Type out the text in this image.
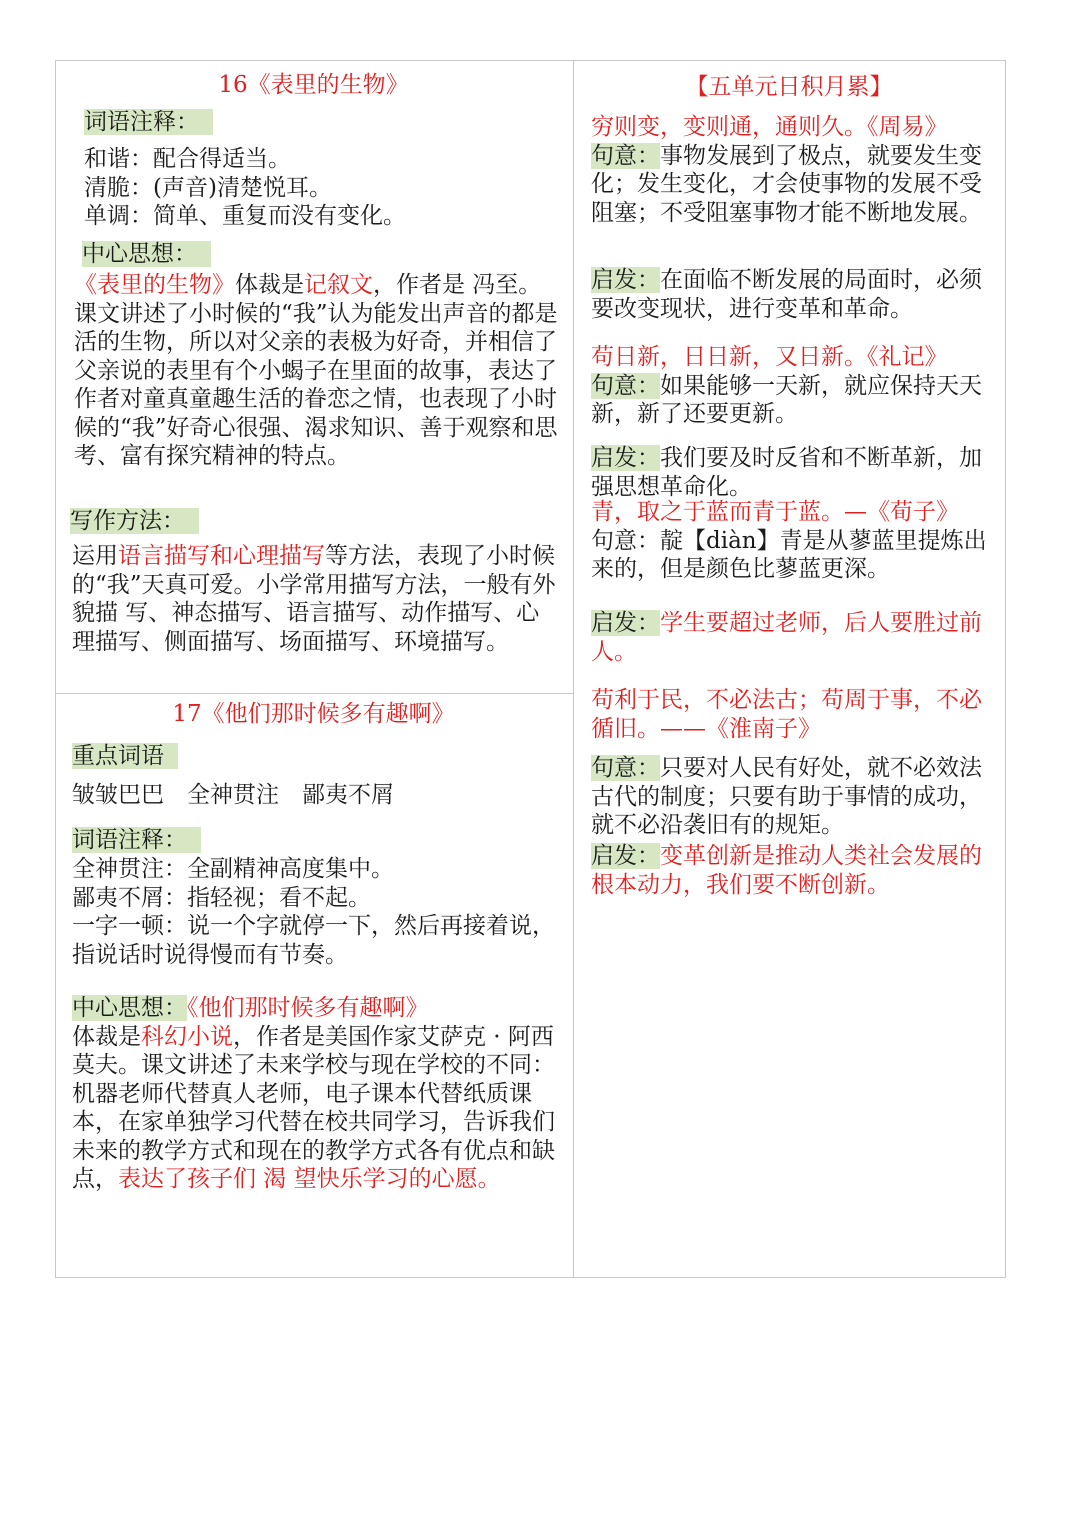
16《表里的生物》
词语注释：

和谐：配合得适当。

清脆：(声音)清楚悦耳。

单调：简单、重复而没有变化。

中心思想：
《表里的生物》体裁是记叙文，作者是 冯至。课文讲述了小时候的“我”认为能发出声音的都是活的生物，所以对父亲的表极为好奇，并相信了父亲说的表里有个小蝎子在里面的故事，表达了作者对童真童趣生活的眷恋之情，也表现了小时候的“我”好奇心很强、渴求知识、善于观察和思考、富有探究精神的特点。
写作方法：
运用语言描写和心理描写等方法，表现了小时候的“我”天真可爱。小学常用描写方法，一般有外貌描 写、神态描写、语言描写、动作描写、心理描写、侧面描写、场面描写、环境描写。
17《他们那时候多有趣啊》
重点词语
皱皱巴巴　全神贯注　鄙夷不屑
词语注释：

全神贯注：全副精神高度集中。

鄙夷不屑：指轻视；看不起。

一字一顿：说一个字就停一下，然后再接着说，指说话时说得慢而有节奏。

中心思想：《他们那时候多有趣啊》
体裁是科幻小说，作者是美国作家艾萨克 · 阿西莫夫。课文讲述了未来学校与现在学校的不同：机器老师代替真人老师，电子课本代替纸质课本，在家单独学习代替在校共同学习，告诉我们未来的教学方式和现在的教学方式各有优点和缺点，表达了孩子们 渴 望快乐学习的心愿。
【五单元日积月累】

穷则变，变则通，通则久。《周易》

句意：事物发展到了极点，就要发生变化；发生变化，才会使事物的发展不受阻塞；不受阻塞事物才能不断地发展。

启发：在面临不断发展的局面时，必须要改变现状，进行变革和革命。

苟日新，日日新，又日新。《礼记》

句意：如果能够一天新，就应保持天天新，新了还要更新。

启发：我们要及时反省和不断革新，加强思想革命化。

青，取之于蓝而青于蓝。—《荀子》

句意：靛【diàn】青是从蓼蓝里提炼出来的，但是颜色比蓼蓝更深。

启发：学生要超过老师，后人要胜过前人。

苟利于民，不必法古；苟周于事，不必循旧。——《淮南子》

句意：只要对人民有好处，就不必效法古代的制度；只要有助于事情的成功，就不必沿袭旧有的规矩。
启发：变革创新是推动人类社会发展的根本动力，我们要不断创新。
